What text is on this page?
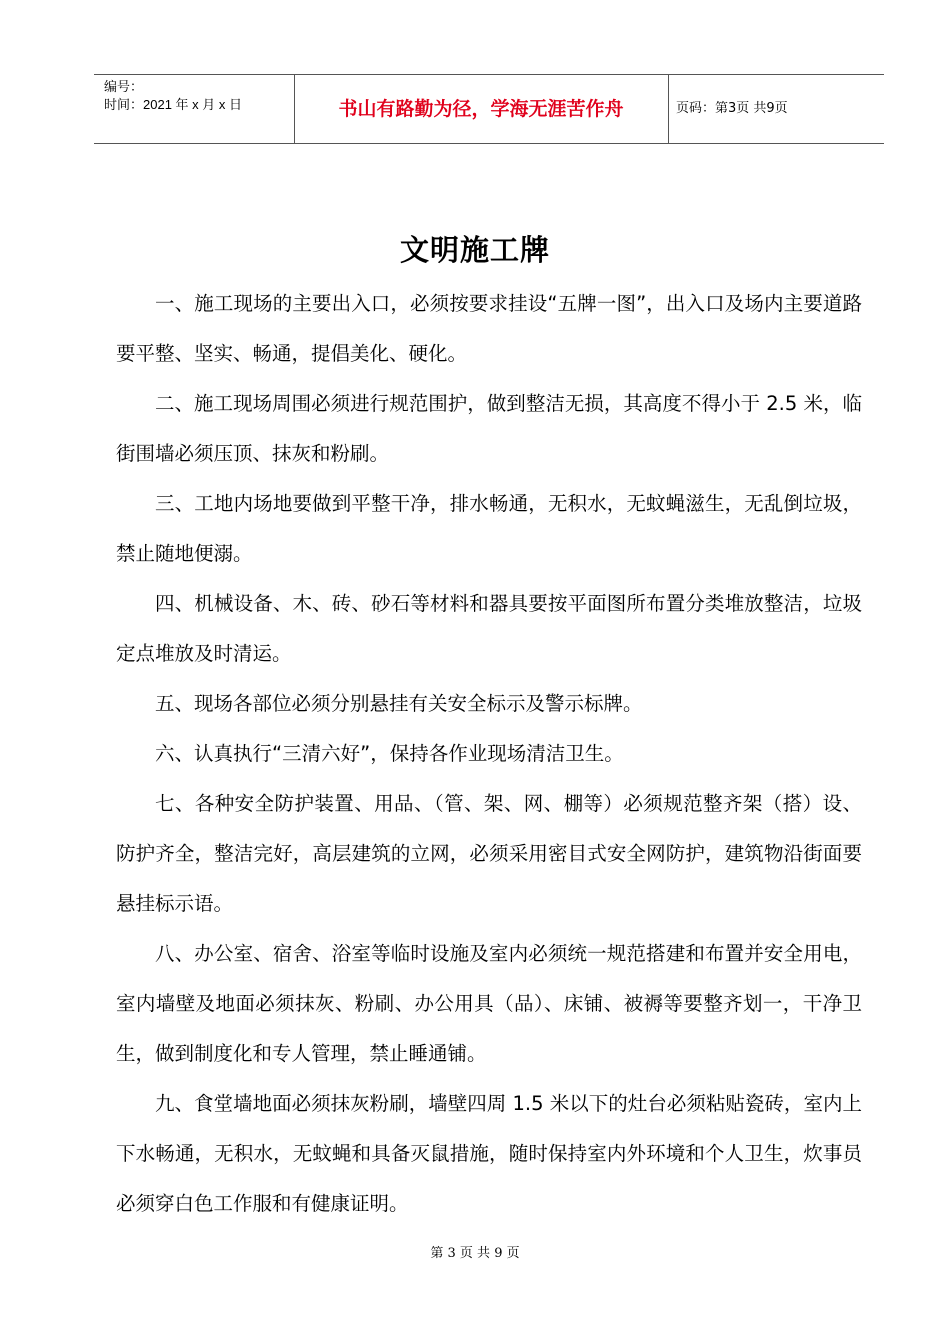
编号：
时间：2021 年 x 月 x 日	书山有路勤为径，学海无涯苦作舟	页码：第3页 共9页
文明施工牌

一、施工现场的主要出入口，必须按要求挂设“五牌一图”，出入口及场内主要道路要平整、坚实、畅通，提倡美化、硬化。

二、施工现场周围必须进行规范围护，做到整洁无损，其高度不得小于 2.5 米，临街围墙必须压顶、抹灰和粉刷。

三、工地内场地要做到平整干净，排水畅通，无积水，无蚊蝇滋生，无乱倒垃圾，禁止随地便溺。

四、机械设备、木、砖、砂石等材料和器具要按平面图所布置分类堆放整洁，垃圾定点堆放及时清运。

五、现场各部位必须分别悬挂有关安全标示及警示标牌。

六、认真执行“三清六好”，保持各作业现场清洁卫生。

七、各种安全防护装置、用品、（管、架、网、棚等）必须规范整齐架（搭）设、防护齐全，整洁完好，高层建筑的立网，必须采用密目式安全网防护，建筑物沿街面要悬挂标示语。

八、办公室、宿舍、浴室等临时设施及室内必须统一规范搭建和布置并安全用电，室内墙壁及地面必须抹灰、粉刷、办公用具（品）、床铺、被褥等要整齐划一，干净卫生，做到制度化和专人管理，禁止睡通铺。

九、食堂墙地面必须抹灰粉刷，墙壁四周 1.5 米以下的灶台必须粘贴瓷砖，室内上下水畅通，无积水，无蚊蝇和具备灭鼠措施，随时保持室内外环境和个人卫生，炊事员必须穿白色工作服和有健康证明。

第 3 页 共 9 页
